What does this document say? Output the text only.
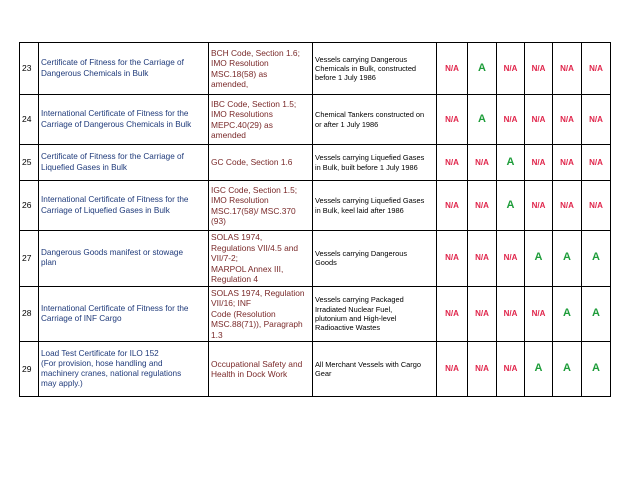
23	Certificate of Fitness for the Carriage of
Dangerous Chemicals in Bulk	BCH Code, Section 1.6;
IMO Resolution
MSC.18(58) as
amended,	Vessels carrying Dangerous
Chemicals in Bulk, constructed
before 1 July 1986	N/A	A	N/A	N/A	N/A	N/A
24	International Certificate of Fitness for the
Carriage of Dangerous Chemicals in Bulk	IBC Code, Section 1.5;
IMO Resolutions
MEPC.40(29) as
amended	Chemical Tankers constructed on
or after 1 July 1986	N/A	A	N/A	N/A	N/A	N/A
25	Certificate of Fitness for the Carriage of
Liquefied Gases in Bulk	GC Code, Section 1.6	Vessels carrying Liquefied Gases
in Bulk, built before 1 July 1986	N/A	N/A	A	N/A	N/A	N/A
26	International Certificate of Fitness for the
Carriage of Liquefied Gases in Bulk	IGC Code, Section 1.5;
IMO Resolution
MSC.17(58)/ MSC.370
(93)	Vessels carrying Liquefied Gases
in Bulk, keel laid after 1986	N/A	N/A	A	N/A	N/A	N/A
27	Dangerous Goods manifest or stowage
plan	SOLAS 1974,
Regulations VII/4.5 and
VII/7-2;
MARPOL Annex III,
Regulation 4	Vessels carrying Dangerous
Goods	N/A	N/A	N/A	A	A	A
28	International Certificate of Fitness for the
Carriage of INF Cargo	SOLAS 1974, Regulation
VII/16; INF
Code (Resolution
MSC.88(71)), Paragraph
1.3	Vessels carrying Packaged
Irradiated Nuclear Fuel,
plutonium and High-level
Radioactive Wastes	N/A	N/A	N/A	N/A	A	A
29	Load Test Certificate for ILO 152
(For provision, hose handling and
machinery cranes, national regulations
may apply.)	Occupational Safety and
Health in Dock Work	All Merchant Vessels with Cargo
Gear	N/A	N/A	N/A	A	A	A
